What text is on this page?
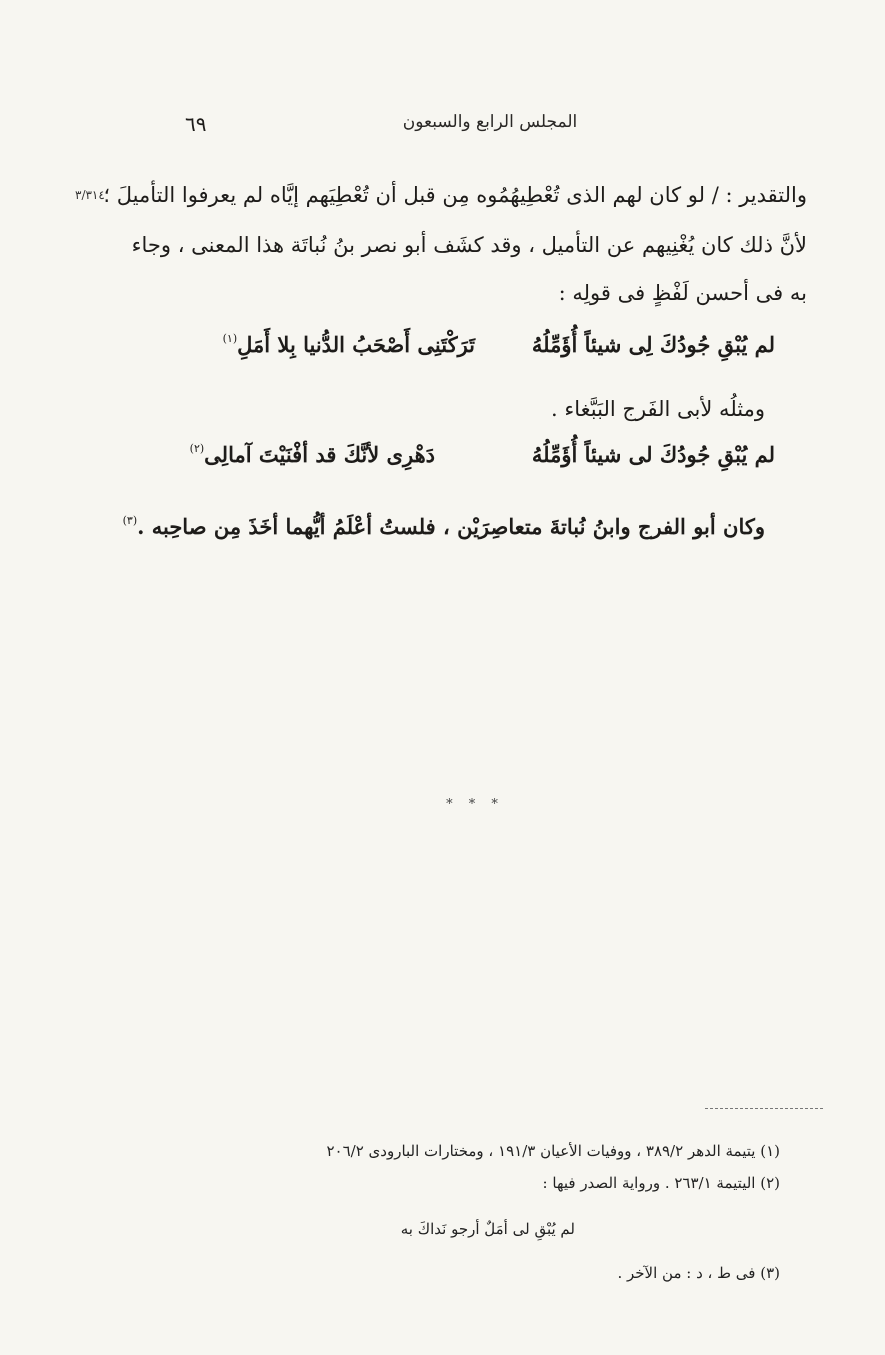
المجلس الرابع والسبعون
٦٩
والتقدير : / لو كان لهم الذى تُعْطِيهُمُوه مِن قبل أن تُعْطِيَهم إيَّاه لم يعرفوا التأميلَ ؛
٣/٣١٤
لأنَّ ذلك كان يُغْنِيهم عن التأميل ، وقد كشَف أبو نصر بنُ نُباتَة هذا المعنى ، وجاء
به فى أحسن لَفْظٍ فى قولِه :
لم يُبْقِ جُودُكَ لِى شيئاً أُؤَمِّلُهُ
تَرَكْتَنِى أَصْحَبُ الدُّنيا بِلا أَمَلِ$^{(١)}$
ومثلُه لأبى الفَرج البَبَّغاء .
لم يُبْقِ جُودُكَ لى شيئاً أُؤَمِّلُهُ
دَهْرِى لأنَّكَ قد أفْنَيْتَ آمالِى$^{(٢)}$
وكان أبو الفرج وابنُ نُباتةَ متعاصِرَيْن ، فلستُ أعْلَمُ أيُّهما أخَذَ مِن صاحِبه .$^{(٣)}$
* * *
(١) يتيمة الدهر ٣٨٩/٢ ، ووفيات الأعيان ١٩١/٣ ، ومختارات البارودى ٢٠٦/٢
(٢) اليتيمة ٢٦٣/١ . ورواية الصدر فيها :
لم يُبْقِ لى أمَلٌ أرجو نَداكَ به
(٣) فى ط ، د : من الآخر .
